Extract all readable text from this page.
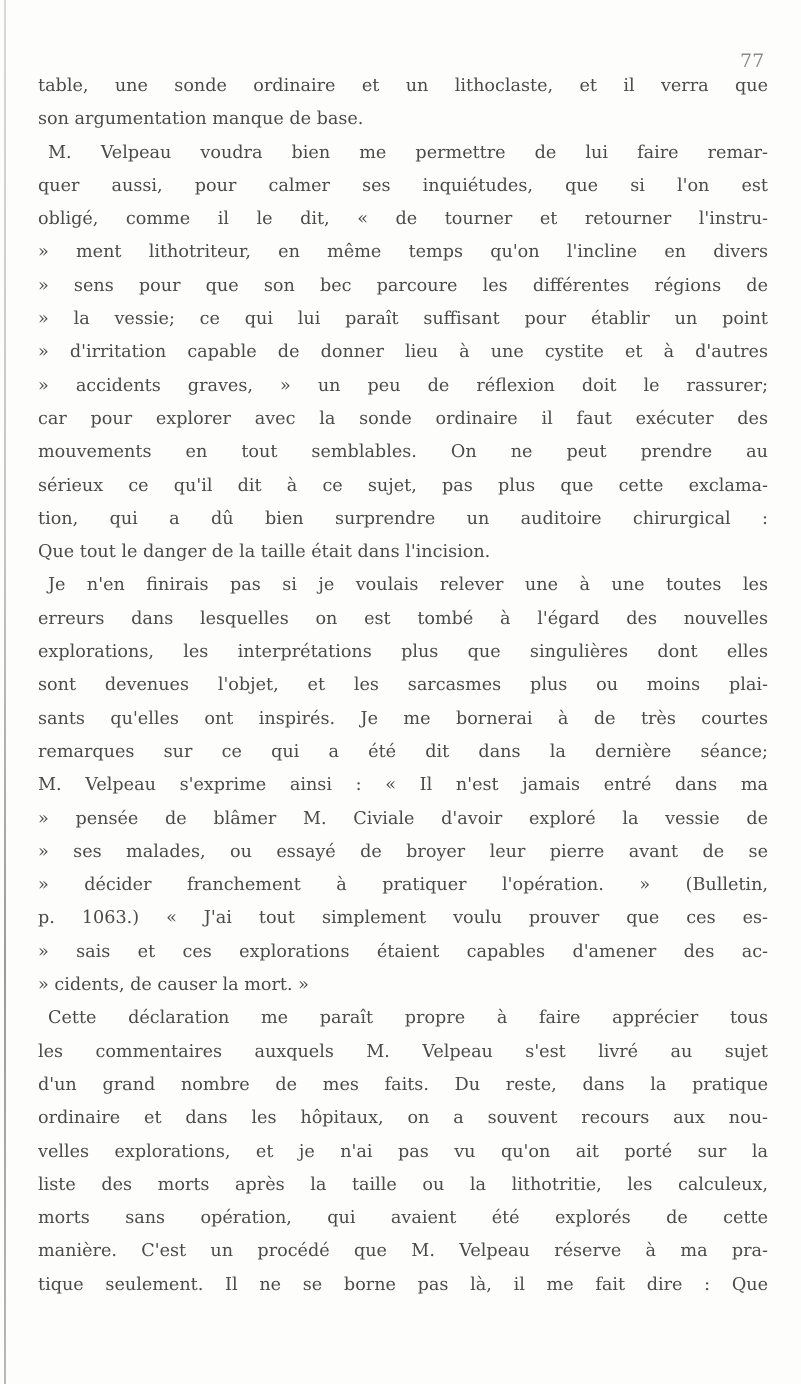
77
table, une sonde ordinaire et un lithoclaste, et il verra que
son argumentation manque de base.
M. Velpeau voudra bien me permettre de lui faire remar-
quer aussi, pour calmer ses inquiétudes, que si l'on est
obligé, comme il le dit, « de tourner et retourner l'instru-
» ment lithotriteur, en même temps qu'on l'incline en divers
» sens pour que son bec parcoure les différentes régions de
» la vessie; ce qui lui paraît suffisant pour établir un point
» d'irritation capable de donner lieu à une cystite et à d'autres
» accidents graves, » un peu de réflexion doit le rassurer;
car pour explorer avec la sonde ordinaire il faut exécuter des
mouvements en tout semblables. On ne peut prendre au
sérieux ce qu'il dit à ce sujet, pas plus que cette exclama-
tion, qui a dû bien surprendre un auditoire chirurgical :
Que tout le danger de la taille était dans l'incision.
Je n'en finirais pas si je voulais relever une à une toutes les
erreurs dans lesquelles on est tombé à l'égard des nouvelles
explorations, les interprétations plus que singulières dont elles
sont devenues l'objet, et les sarcasmes plus ou moins plai-
sants qu'elles ont inspirés. Je me bornerai à de très courtes
remarques sur ce qui a été dit dans la dernière séance;
M. Velpeau s'exprime ainsi : « Il n'est jamais entré dans ma
» pensée de blâmer M. Civiale d'avoir exploré la vessie de
» ses malades, ou essayé de broyer leur pierre avant de se
» décider franchement à pratiquer l'opération. » (Bulletin,
p. 1063.) « J'ai tout simplement voulu prouver que ces es-
» sais et ces explorations étaient capables d'amener des ac-
» cidents, de causer la mort. »
Cette déclaration me paraît propre à faire apprécier tous
les commentaires auxquels M. Velpeau s'est livré au sujet
d'un grand nombre de mes faits. Du reste, dans la pratique
ordinaire et dans les hôpitaux, on a souvent recours aux nou-
velles explorations, et je n'ai pas vu qu'on ait porté sur la
liste des morts après la taille ou la lithotritie, les calculeux,
morts sans opération, qui avaient été explorés de cette
manière. C'est un procédé que M. Velpeau réserve à ma pra-
tique seulement. Il ne se borne pas là, il me fait dire : Que
